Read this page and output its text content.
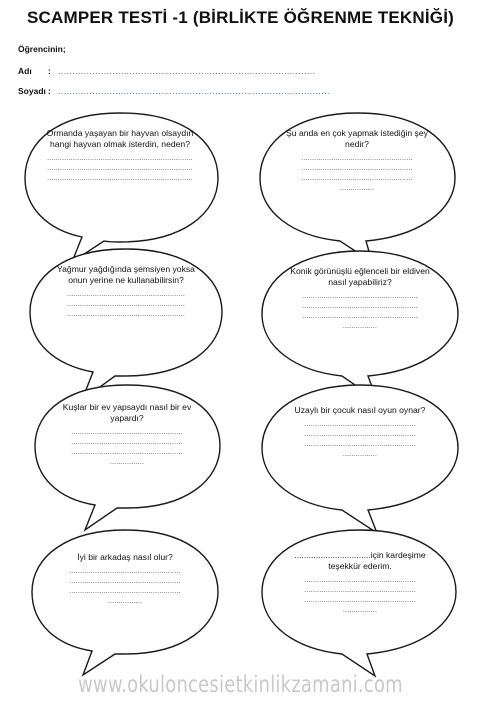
SCAMPER TESTİ -1 (BİRLİKTE ÖĞRENME TEKNİĞİ)
Öğrencinin;
Adı : ..........................................................................................
Soyadı : ...............................................................................................
Ormanda yaşayan bir hayvan olsaydın hangi hayvan olmak isterdin, neden?
....................................................................
....................................................................
....................................................................
Şu anda en çok yapmak istediğin şey nedir?
....................................................
....................................................
....................................................
................
Yağmur yağdığında şemsiyen yoksa onun yerine ne kullanabilirsin?
.......................................................
.......................................................
.......................................................
Konik görünüşlü eğlenceli bir eldiven nasıl yapabiliriz?
......................................................
......................................................
......................................................
................
Kuşlar bir ev yapsaydı nasıl bir ev yapardı?
....................................................
....................................................
....................................................
................
Uzaylı bir çocuk nasıl oyun oynar?
....................................................
....................................................
....................................................
................
İyi bir arkadaş nasıl olur?
....................................................
....................................................
....................................................
................
................................için kardeşime teşekkür ederim.
....................................................
....................................................
....................................................
................
www.okuloncesietkinlikzamani.com
